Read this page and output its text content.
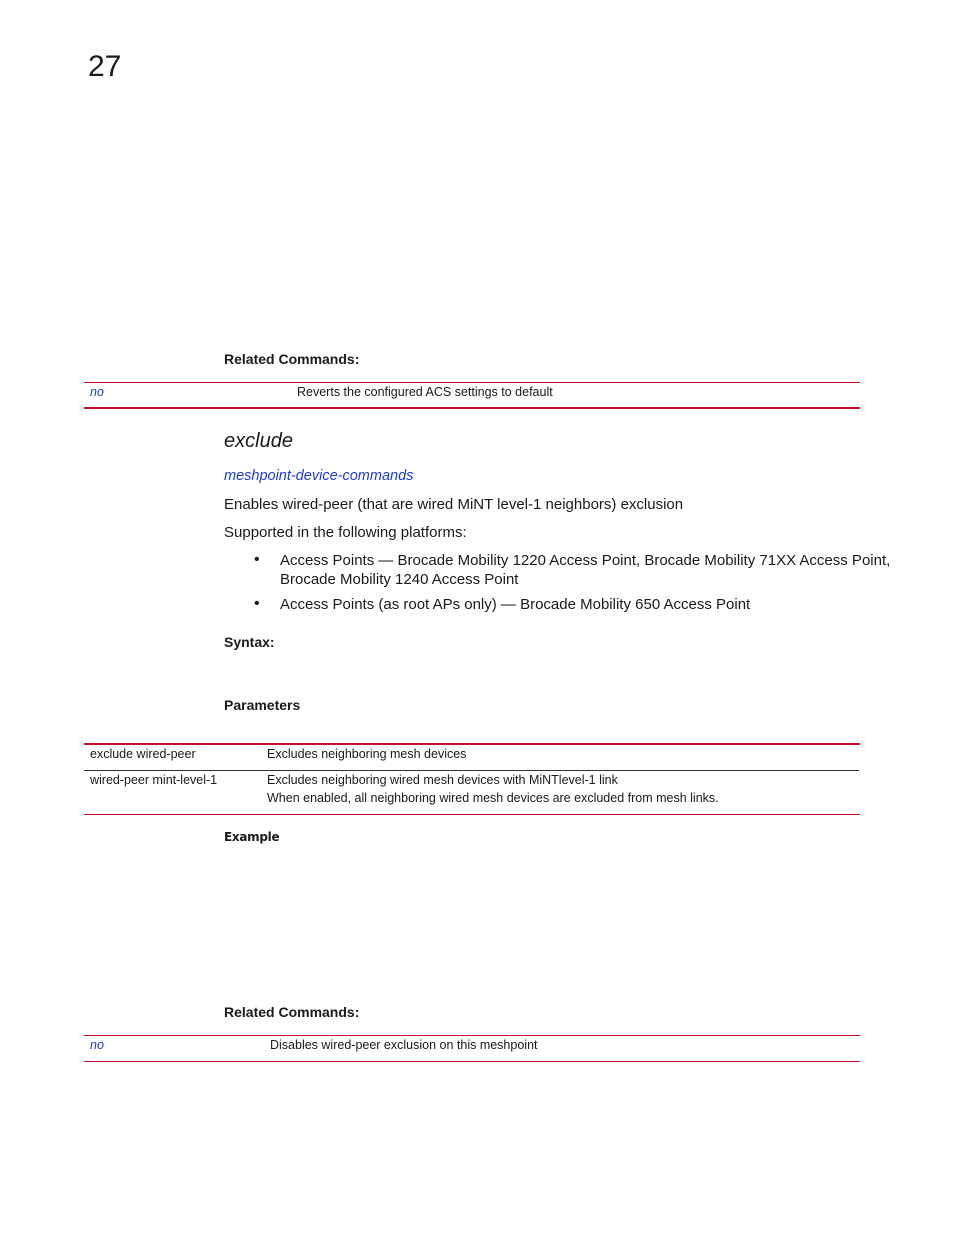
27
Related Commands:
no	Reverts the configured ACS settings to default
exclude
meshpoint-device-commands
Enables wired-peer (that are wired MiNT level-1 neighbors) exclusion
Supported in the following platforms:
• Access Points — Brocade Mobility 1220 Access Point, Brocade Mobility 71XX Access Point,
Brocade Mobility 1240 Access Point
• Access Points (as root APs only) — Brocade Mobility 650 Access Point
Syntax:
Parameters
exclude wired-peer	Excludes neighboring mesh devices
wired-peer mint-level-1	Excludes neighboring wired mesh devices with MiNTlevel-1 link
When enabled, all neighboring wired mesh devices are excluded from mesh links.
Example
Related Commands:
no	Disables wired-peer exclusion on this meshpoint
